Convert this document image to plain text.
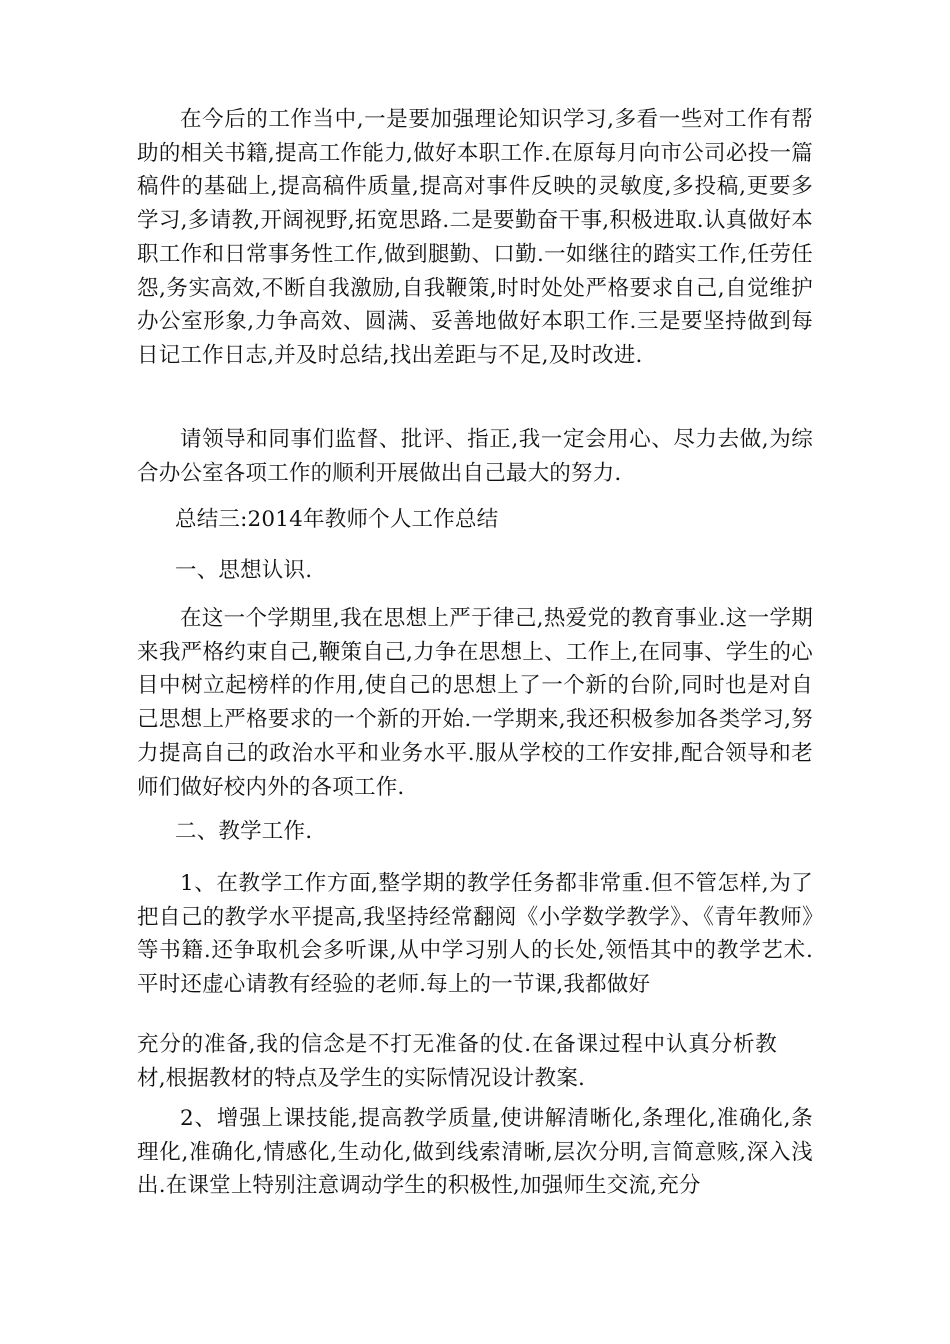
在今后的工作当中,一是要加强理论知识学习,多看一些对工作有帮助的相关书籍,提高工作能力,做好本职工作.在原每月向市公司必投一篇稿件的基础上,提高稿件质量,提高对事件反映的灵敏度,多投稿,更要多学习,多请教,开阔视野,拓宽思路.二是要勤奋干事,积极进取.认真做好本职工作和日常事务性工作,做到腿勤、口勤.一如继往的踏实工作,任劳任怨,务实高效,不断自我激励,自我鞭策,时时处处严格要求自己,自觉维护办公室形象,力争高效、圆满、妥善地做好本职工作.三是要坚持做到每日记工作日志,并及时总结,找出差距与不足,及时改进.

请领导和同事们监督、批评、指正,我一定会用心、尽力去做,为综合办公室各项工作的顺利开展做出自己最大的努力.

总结三:2014年教师个人工作总结

一、思想认识.

在这一个学期里,我在思想上严于律己,热爱党的教育事业.这一学期来我严格约束自己,鞭策自己,力争在思想上、工作上,在同事、学生的心目中树立起榜样的作用,使自己的思想上了一个新的台阶,同时也是对自己思想上严格要求的一个新的开始.一学期来,我还积极参加各类学习,努力提高自己的政治水平和业务水平.服从学校的工作安排,配合领导和老师们做好校内外的各项工作.

二、教学工作.

1、在教学工作方面,整学期的教学任务都非常重.但不管怎样,为了把自己的教学水平提高,我坚持经常翻阅《小学数学教学》、《青年教师》等书籍.还争取机会多听课,从中学习别人的长处,领悟其中的教学艺术.平时还虚心请教有经验的老师.每上的一节课,我都做好

充分的准备,我的信念是不打无准备的仗.在备课过程中认真分析教材,根据教材的特点及学生的实际情况设计教案.

2、增强上课技能,提高教学质量,使讲解清晰化,条理化,准确化,条理化,准确化,情感化,生动化,做到线索清晰,层次分明,言简意赅,深入浅出.在课堂上特别注意调动学生的积极性,加强师生交流,充分
